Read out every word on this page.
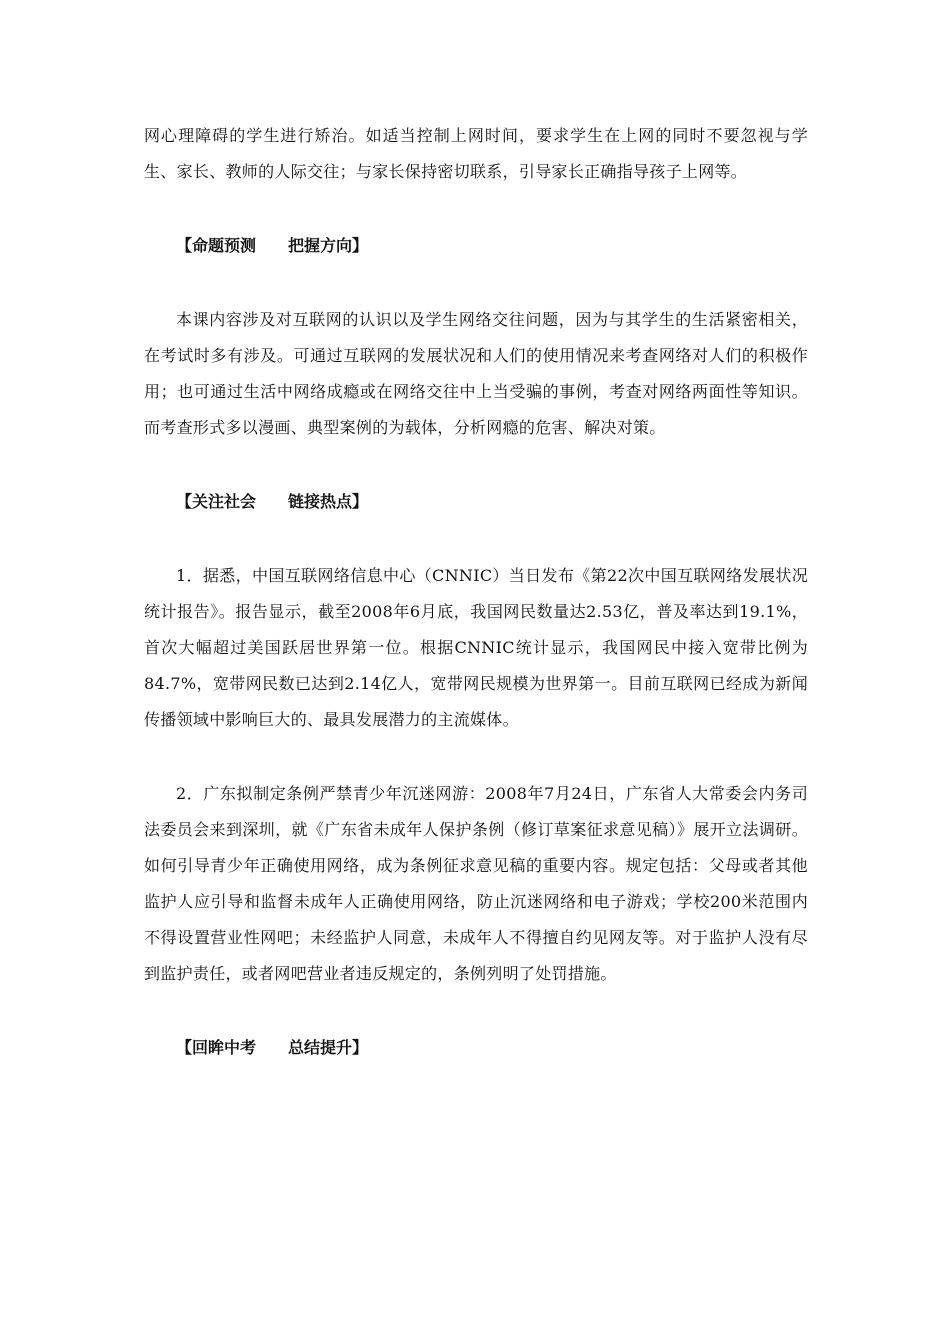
网心理障碍的学生进行矫治。如适当控制上网时间，要求学生在上网的同时不要忽视与学生、家长、教师的人际交往；与家长保持密切联系，引导家长正确指导孩子上网等。

【命题预测　　把握方向】

本课内容涉及对互联网的认识以及学生网络交往问题，因为与其学生的生活紧密相关，在考试时多有涉及。可通过互联网的发展状况和人们的使用情况来考查网络对人们的积极作用；也可通过生活中网络成瘾或在网络交往中上当受骗的事例，考查对网络两面性等知识。而考查形式多以漫画、典型案例的为载体，分析网瘾的危害、解决对策。

【关注社会　　链接热点】

1．据悉，中国互联网络信息中心（CNNIC）当日发布《第22次中国互联网络发展状况统计报告》。报告显示，截至2008年6月底，我国网民数量达2.53亿，普及率达到19.1%，首次大幅超过美国跃居世界第一位。根据CNNIC统计显示，我国网民中接入宽带比例为84.7%，宽带网民数已达到2.14亿人，宽带网民规模为世界第一。目前互联网已经成为新闻传播领域中影响巨大的、最具发展潜力的主流媒体。

2．广东拟制定条例严禁青少年沉迷网游：2008年7月24日，广东省人大常委会内务司法委员会来到深圳，就《广东省未成年人保护条例（修订草案征求意见稿）》展开立法调研。如何引导青少年正确使用网络，成为条例征求意见稿的重要内容。规定包括：父母或者其他监护人应引导和监督未成年人正确使用网络，防止沉迷网络和电子游戏；学校200米范围内不得设置营业性网吧；未经监护人同意，未成年人不得擅自约见网友等。对于监护人没有尽到监护责任，或者网吧营业者违反规定的，条例列明了处罚措施。

【回眸中考　　总结提升】
